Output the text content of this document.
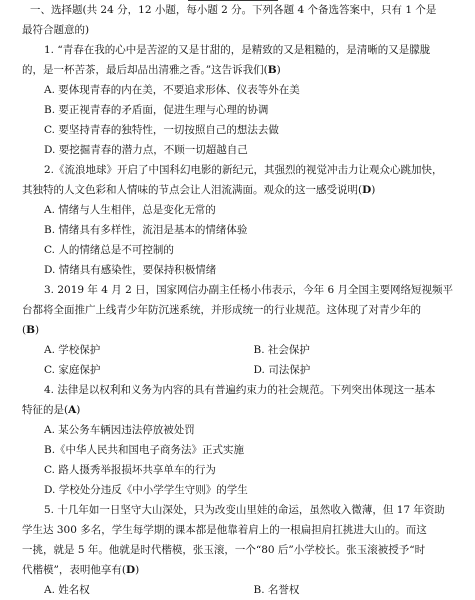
一、选择题(共 24 分，12 小题，每小题 2 分。下列各题 4 个备选答案中，只有 1 个是
最符合题意的)
1. “青春在我的心中是苦涩的又是甘甜的，是精致的又是粗糙的，是清晰的又是朦胧
的，是一杯苦茶，最后却品出清雅之香。”这告诉我们(B)
A. 要体现青春的内在美，不要追求形体、仪表等外在美
B. 要正视青春的矛盾面，促进生理与心理的协调
C. 要坚持青春的独特性，一切按照自己的想法去做
D. 要挖掘青春的潜力点，不顾一切超越自己
2.《流浪地球》开启了中国科幻电影的新纪元，其强烈的视觉冲击力让观众心跳加快，
其独特的人文色彩和人情味的节点会让人泪流满面。观众的这一感受说明(D)
A. 情绪与人生相伴，总是变化无常的
B. 情绪具有多样性，流泪是基本的情绪体验
C. 人的情绪总是不可控制的
D. 情绪具有感染性，要保持积极情绪
3. 2019 年 4 月 2 日，国家网信办副主任杨小伟表示，今年 6 月全国主要网络短视频平
台都将全面推广上线青少年防沉迷系统，并形成统一的行业规范。这体现了对青少年的
(B)
A. 学校保护	B. 社会保护
C. 家庭保护	D. 司法保护
4. 法律是以权利和义务为内容的具有普遍约束力的社会规范。下列突出体现这一基本
特征的是(A)
A. 某公务车辆因违法停放被处罚
B.《中华人民共和国电子商务法》正式实施
C. 路人摄秀举报损坏共享单车的行为
D. 学校处分违反《中小学学生守则》的学生
5. 十几年如一日坚守大山深处，只为改变山里娃的命运，虽然收入微薄，但 17 年资助
学生达 300 多名，学生每学期的课本都是他靠着肩上的一根扁担肩扛挑进大山的。而这
一挑，就是 5 年。他就是时代楷模，张玉滚，一个“80 后”小学校长。张玉滚被授予“时
代楷模”，表明他享有(D)
A. 姓名权	B. 名誉权
